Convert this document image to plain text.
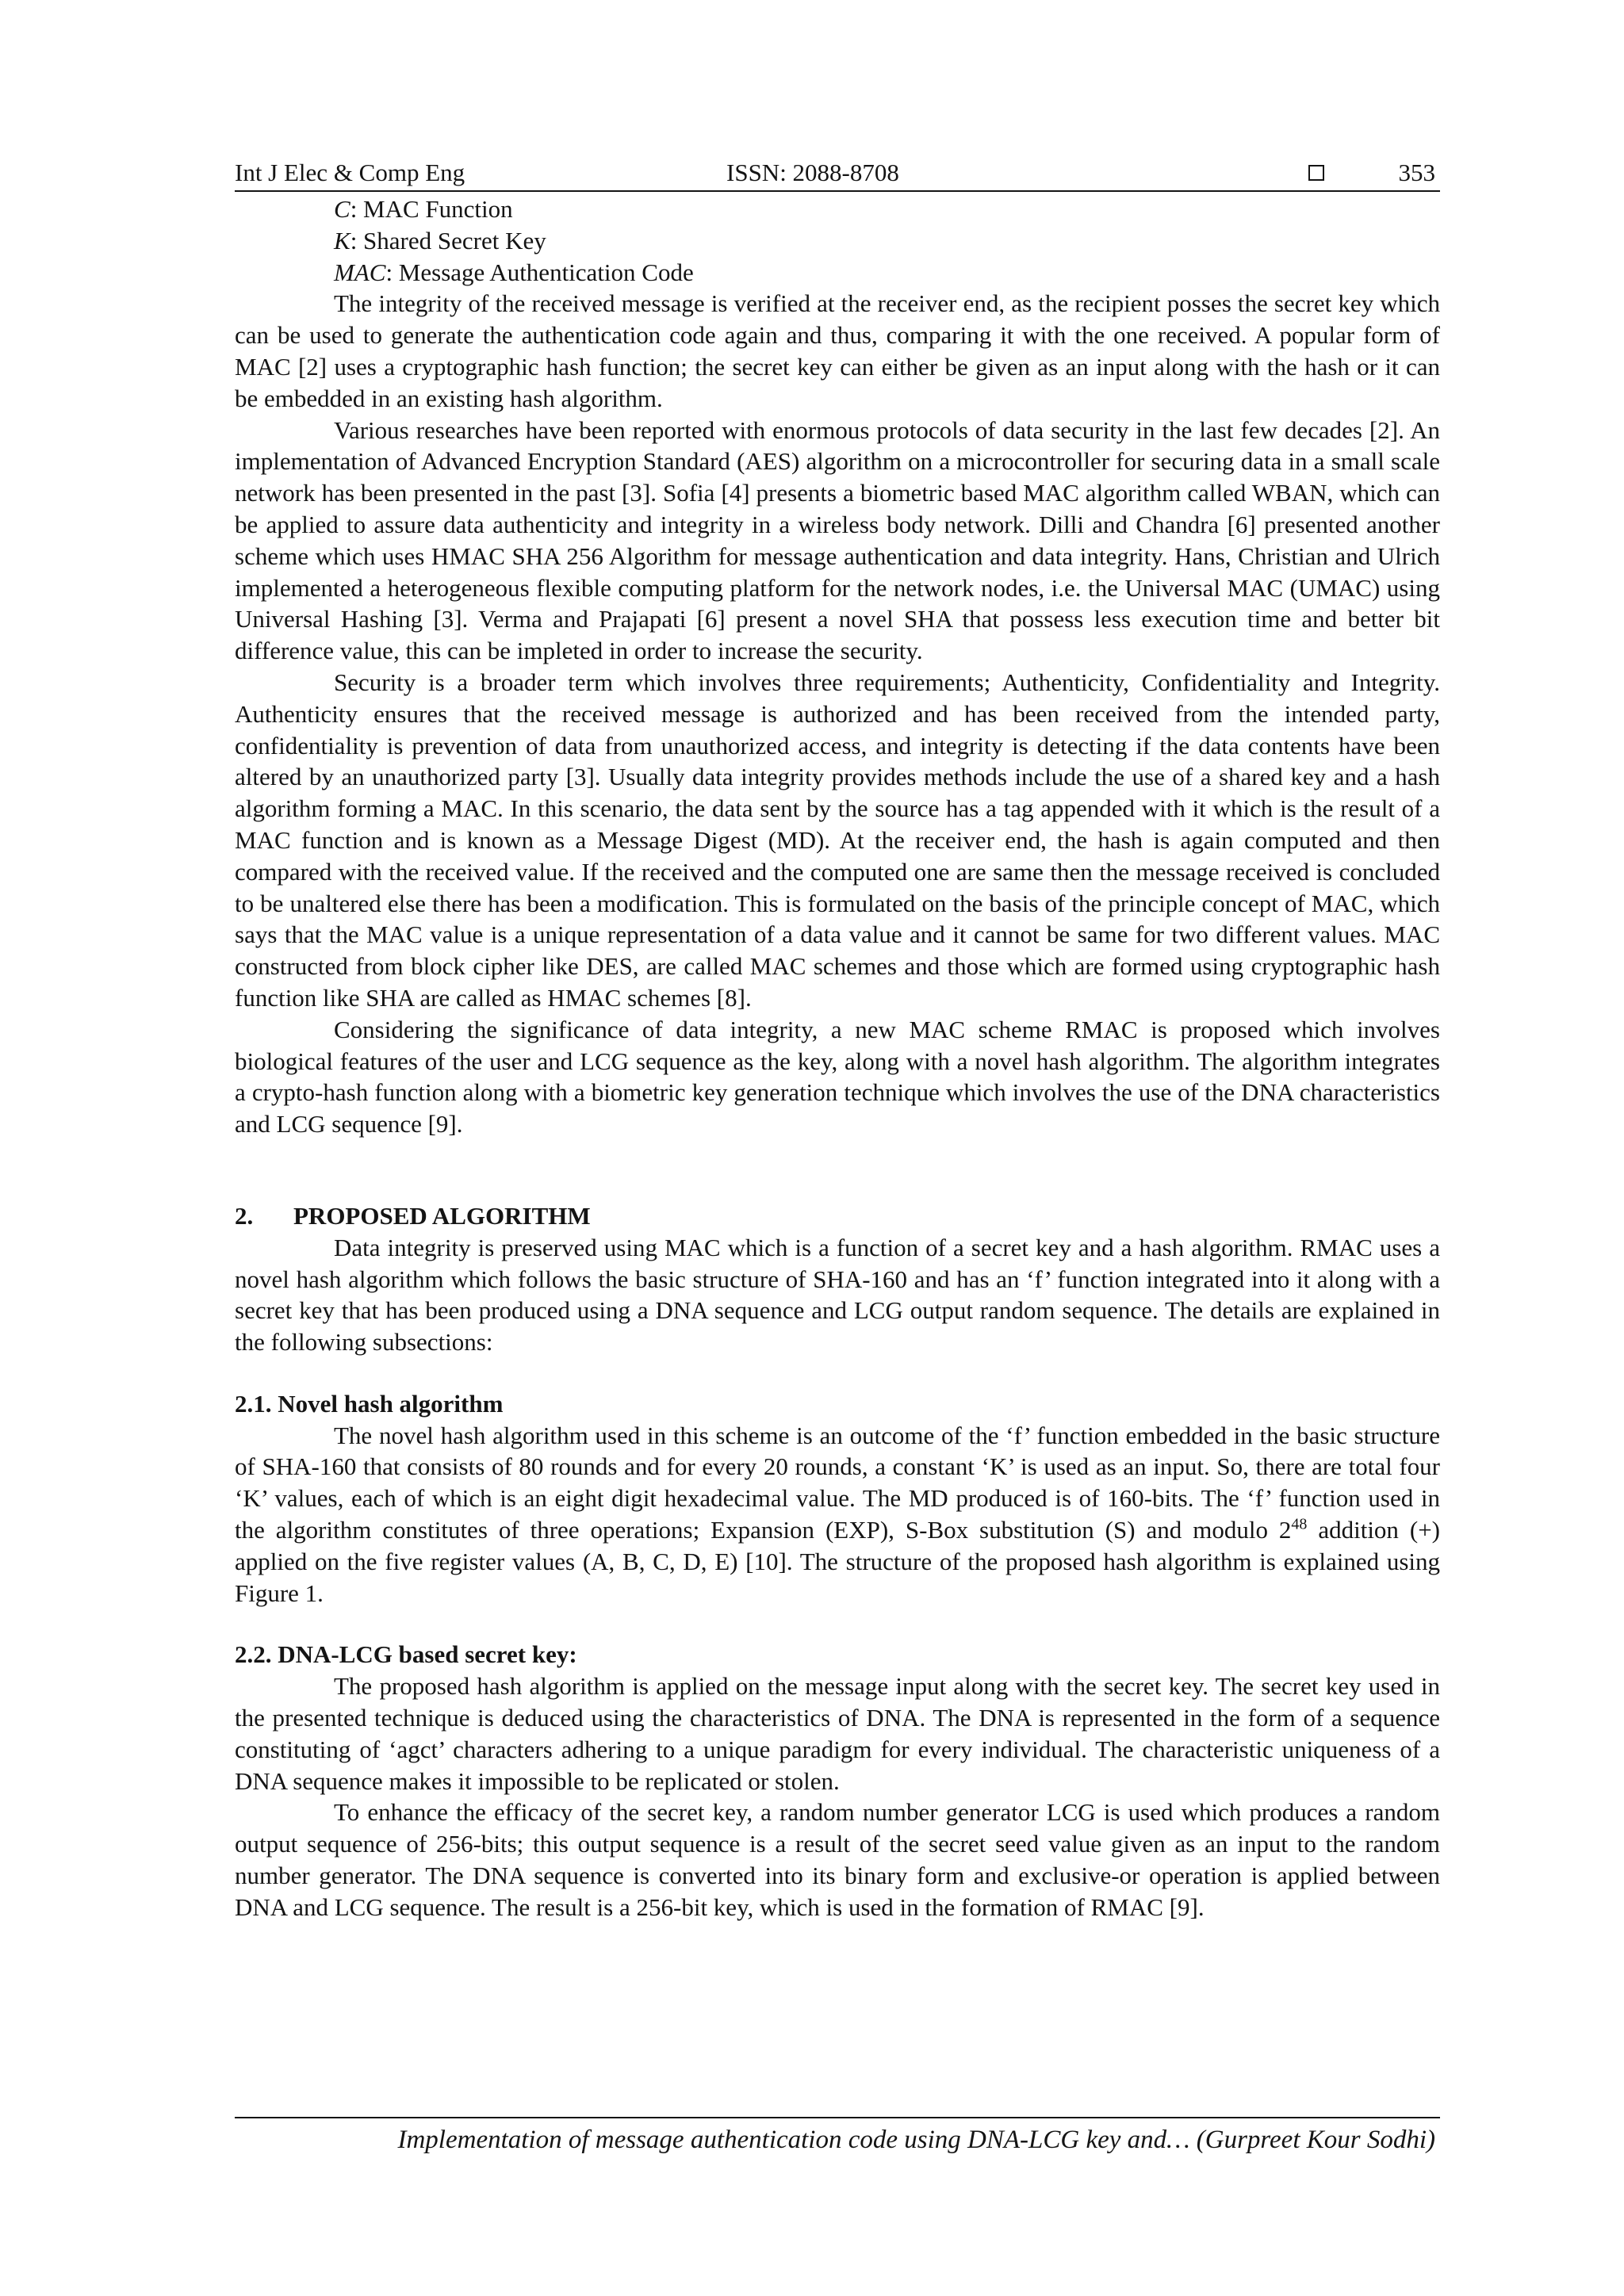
Int J Elec & Comp Eng	ISSN: 2088-8708	353
C: MAC Function
K: Shared Secret Key
MAC: Message Authentication Code

The integrity of the received message is verified at the receiver end, as the recipient posses the secret key which can be used to generate the authentication code again and thus, comparing it with the one received. A popular form of MAC [2] uses a cryptographic hash function; the secret key can either be given as an input along with the hash or it can be embedded in an existing hash algorithm.

Various researches have been reported with enormous protocols of data security in the last few decades [2]. An implementation of Advanced Encryption Standard (AES) algorithm on a microcontroller for securing data in a small scale network has been presented in the past [3]. Sofia [4] presents a biometric based MAC algorithm called WBAN, which can be applied to assure data authenticity and integrity in a wireless body network. Dilli and Chandra [6] presented another scheme which uses HMAC SHA 256 Algorithm for message authentication and data integrity. Hans, Christian and Ulrich implemented a heterogeneous flexible computing platform for the network nodes, i.e. the Universal MAC (UMAC) using Universal Hashing [3]. Verma and Prajapati [6] present a novel SHA that possess less execution time and better bit difference value, this can be impleted in order to increase the security.

Security is a broader term which involves three requirements; Authenticity, Confidentiality and Integrity. Authenticity ensures that the received message is authorized and has been received from the intended party, confidentiality is prevention of data from unauthorized access, and integrity is detecting if the data contents have been altered by an unauthorized party [3]. Usually data integrity provides methods include the use of a shared key and a hash algorithm forming a MAC. In this scenario, the data sent by the source has a tag appended with it which is the result of a MAC function and is known as a Message Digest (MD). At the receiver end, the hash is again computed and then compared with the received value. If the received and the computed one are same then the message received is concluded to be unaltered else there has been a modification. This is formulated on the basis of the principle concept of MAC, which says that the MAC value is a unique representation of a data value and it cannot be same for two different values. MAC constructed from block cipher like DES, are called MAC schemes and those which are formed using cryptographic hash function like SHA are called as HMAC schemes [8].

Considering the significance of data integrity, a new MAC scheme RMAC is proposed which involves biological features of the user and LCG sequence as the key, along with a novel hash algorithm. The algorithm integrates a crypto-hash function along with a biometric key generation technique which involves the use of the DNA characteristics and LCG sequence [9].

2. PROPOSED ALGORITHM

Data integrity is preserved using MAC which is a function of a secret key and a hash algorithm. RMAC uses a novel hash algorithm which follows the basic structure of SHA-160 and has an ‘f’ function integrated into it along with a secret key that has been produced using a DNA sequence and LCG output random sequence. The details are explained in the following subsections:

2.1. Novel hash algorithm

The novel hash algorithm used in this scheme is an outcome of the ‘f’ function embedded in the basic structure of SHA-160 that consists of 80 rounds and for every 20 rounds, a constant ‘K’ is used as an input. So, there are total four ‘K’ values, each of which is an eight digit hexadecimal value. The MD produced is of 160-bits. The ‘f’ function used in the algorithm constitutes of three operations; Expansion (EXP), S-Box substitution (S) and modulo $2^{48}$ addition (+) applied on the five register values (A, B, C, D, E) [10]. The structure of the proposed hash algorithm is explained using Figure 1.

2.2. DNA-LCG based secret key:

The proposed hash algorithm is applied on the message input along with the secret key. The secret key used in the presented technique is deduced using the characteristics of DNA. The DNA is represented in the form of a sequence constituting of ‘agct’ characters adhering to a unique paradigm for every individual. The characteristic uniqueness of a DNA sequence makes it impossible to be replicated or stolen.

To enhance the efficacy of the secret key, a random number generator LCG is used which produces a random output sequence of 256-bits; this output sequence is a result of the secret seed value given as an input to the random number generator. The DNA sequence is converted into its binary form and exclusive-or operation is applied between DNA and LCG sequence. The result is a 256-bit key, which is used in the formation of RMAC [9].

Implementation of message authentication code using DNA-LCG key and… (Gurpreet Kour Sodhi)
